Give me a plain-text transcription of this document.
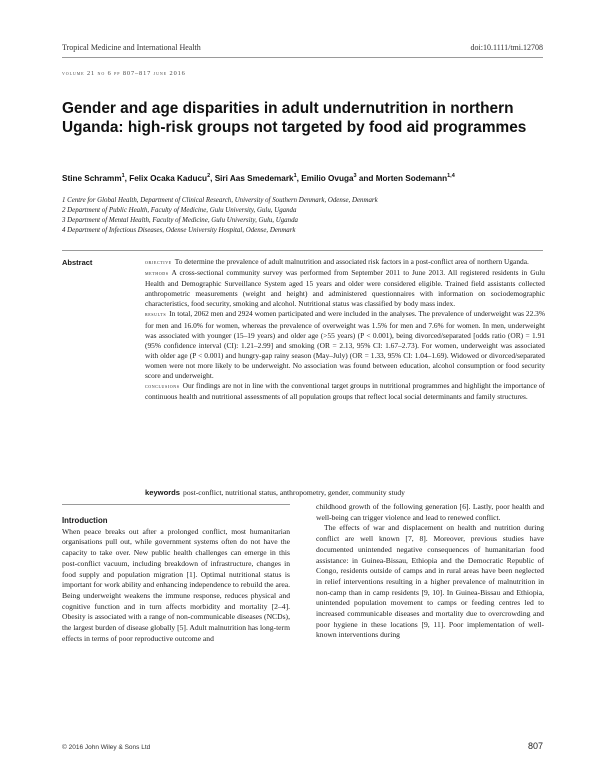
Tropical Medicine and International Health	doi:10.1111/tmi.12708
volume 21 no 6 pp 807–817 june 2016
Gender and age disparities in adult undernutrition in northern Uganda: high-risk groups not targeted by food aid programmes
Stine Schramm$^1$, Felix Ocaka Kaducu$^2$, Siri Aas Smedemark$^1$, Emilio Ovuga$^3$ and Morten Sodemann$^{1,4}$
1 Centre for Global Health, Department of Clinical Research, University of Southern Denmark, Odense, Denmark
2 Department of Public Health, Faculty of Medicine, Gulu University, Gulu, Uganda
3 Department of Mental Health, Faculty of Medicine, Gulu University, Gulu, Uganda
4 Department of Infectious Diseases, Odense University Hospital, Odense, Denmark
Abstract	objective To determine the prevalence of adult malnutrition and associated risk factors in a post-conflict area of northern Uganda.

methods A cross-sectional community survey was performed from September 2011 to June 2013. All registered residents in Gulu Health and Demographic Surveillance System aged 15 years and older were considered eligible. Trained field assistants collected anthropometric measurements (weight and height) and administered questionnaires with information on sociodemographic characteristics, food security, smoking and alcohol. Nutritional status was classified by body mass index.

results In total, 2062 men and 2924 women participated and were included in the analyses. The prevalence of underweight was 22.3% for men and 16.0% for women, whereas the prevalence of overweight was 1.5% for men and 7.6% for women. In men, underweight was associated with younger (15–19 years) and older age (>55 years) (P < 0.001), being divorced/separated [odds ratio (OR) = 1.91 (95% confidence interval (CI): 1.21–2.99] and smoking (OR = 2.13, 95% CI: 1.67–2.73). For women, underweight was associated with older age (P < 0.001) and hungry-gap rainy season (May–July) (OR = 1.33, 95% CI: 1.04–1.69). Widowed or divorced/separated women were not more likely to be underweight. No association was found between education, alcohol consumption or food security score and underweight.

conclusions Our findings are not in line with the conventional target groups in nutritional programmes and highlight the importance of continuous health and nutritional assessments of all population groups that reflect local social determinants and family structures.

keywords post-conflict, nutritional status, anthropometry, gender, community study

Introduction

When peace breaks out after a prolonged conflict, most humanitarian organisations pull out, while government systems often do not have the capacity to take over. New public health challenges can emerge in this post-conflict vacuum, including breakdown of infrastructure, changes in food supply and population migration [1]. Optimal nutritional status is important for work ability and enhancing independence to rebuild the area. Being underweight weakens the immune response, reduces physical and cognitive function and in turn affects morbidity and mortality [2–4]. Obesity is associated with a range of non-communicable diseases (NCDs), the largest burden of disease globally [5]. Adult malnutrition has long-term effects in terms of poor reproductive outcome and

childhood growth of the following generation [6]. Lastly, poor health and well-being can trigger violence and lead to renewed conflict.

The effects of war and displacement on health and nutrition during conflict are well known [7, 8]. Moreover, previous studies have documented unintended negative consequences of humanitarian food assistance: in Guinea-Bissau, Ethiopia and the Democratic Republic of Congo, residents outside of camps and in rural areas have been neglected in relief interventions resulting in a higher prevalence of malnutrition in non-camp than in camp residents [9, 10]. In Guinea-Bissau and Ethiopia, unintended population movement to camps or feeding centres led to increased communicable diseases and mortality due to overcrowding and poor hygiene in these locations [9, 11]. Poor implementation of well-known interventions during

© 2016 John Wiley & Sons Ltd	807
